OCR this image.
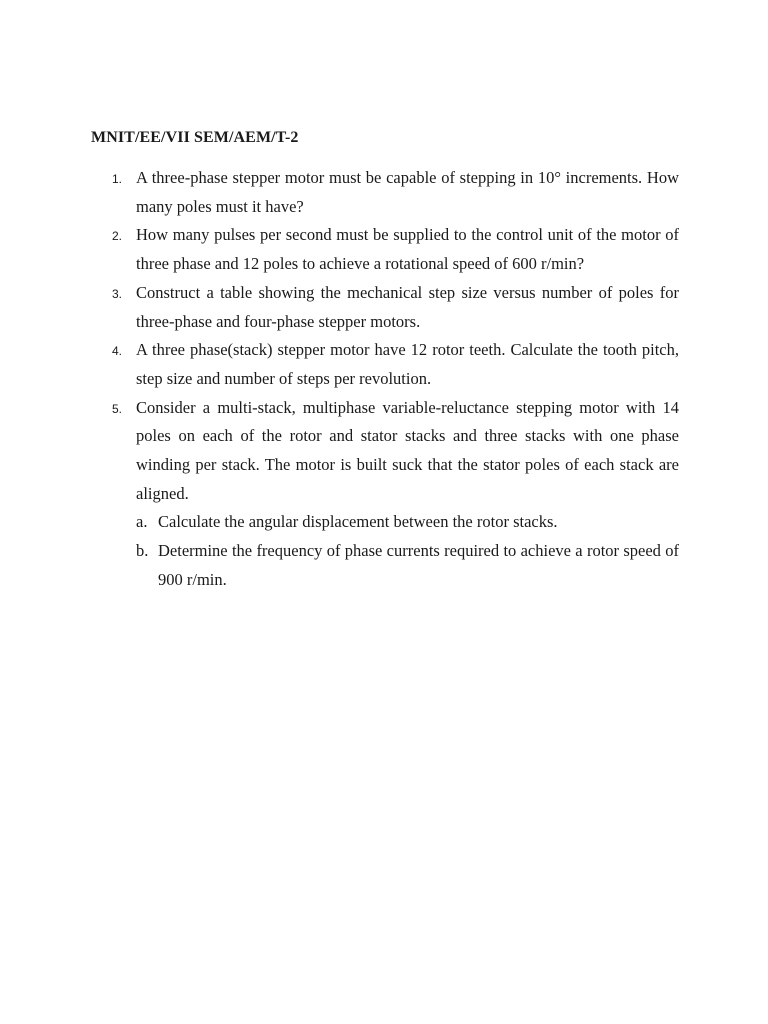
MNIT/EE/VII SEM/AEM/T-2
1. A three-phase stepper motor must be capable of stepping in 10° increments. How many poles must it have?
2. How many pulses per second must be supplied to the control unit of the motor of three phase and 12 poles to achieve a rotational speed of 600 r/min?
3. Construct a table showing the mechanical step size versus number of poles for three-phase and four-phase stepper motors.
4. A three phase(stack) stepper motor have 12 rotor teeth. Calculate the tooth pitch, step size and number of steps per revolution.
5. Consider a multi-stack, multiphase variable-reluctance stepping motor with 14 poles on each of the rotor and stator stacks and three stacks with one phase winding per stack. The motor is built suck that the stator poles of each stack are aligned.
a. Calculate the angular displacement between the rotor stacks.
b. Determine the frequency of phase currents required to achieve a rotor speed of 900 r/min.
